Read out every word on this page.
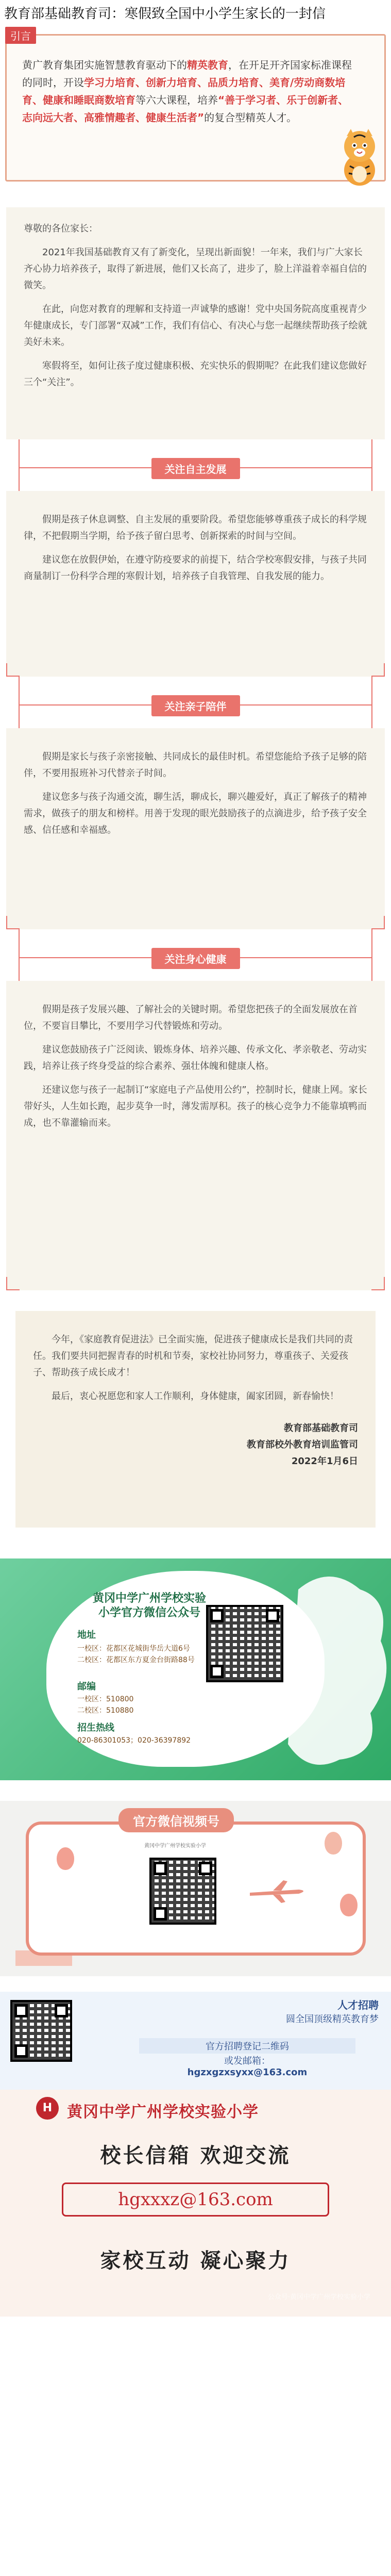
教育部基础教育司：寒假致全国中小学生家长的一封信
引言
黄广教育集团实施智慧教育驱动下的精英教育，在开足开齐国家标准课程的同时，开设学习力培育、创新力培育、品质力培育、美育/劳动商数培育、健康和睡眠商数培育等六大课程，培养“善于学习者、乐于创新者、志向远大者、高雅情趣者、健康生活者”的复合型精英人才。

尊敬的各位家长：

2021年我国基础教育又有了新变化，呈现出新面貌！一年来，我们与广大家长齐心协力培养孩子，取得了新进展，他们又长高了，进步了，脸上洋溢着幸福自信的微笑。

在此，向您对教育的理解和支持道一声诚挚的感谢！党中央国务院高度重视青少年健康成长，专门部署“双减”工作，我们有信心、有决心与您一起继续帮助孩子绘就美好未来。

寒假将至，如何让孩子度过健康积极、充实快乐的假期呢？在此我们建议您做好三个“关注”。

关注自主发展

假期是孩子休息调整、自主发展的重要阶段。希望您能够尊重孩子成长的科学规律，不把假期当学期，给予孩子留白思考、创新探索的时间与空间。

建议您在放假伊始，在遵守防疫要求的前提下，结合学校寒假安排，与孩子共同商量制订一份科学合理的寒假计划，培养孩子自我管理、自我发展的能力。

关注亲子陪伴

假期是家长与孩子亲密接触、共同成长的最佳时机。希望您能给予孩子足够的陪伴，不要用报班补习代替亲子时间。

建议您多与孩子沟通交流，聊生活，聊成长，聊兴趣爱好，真正了解孩子的精神需求，做孩子的朋友和榜样。用善于发现的眼光鼓励孩子的点滴进步，给予孩子安全感、信任感和幸福感。

关注身心健康

假期是孩子发展兴趣、了解社会的关键时期。希望您把孩子的全面发展放在首位，不要盲目攀比，不要用学习代替锻炼和劳动。

建议您鼓励孩子广泛阅读、锻炼身体、培养兴趣、传承文化、孝亲敬老、劳动实践，培养让孩子终身受益的综合素养、强壮体魄和健康人格。

还建议您与孩子一起制订“家庭电子产品使用公约”，控制时长，健康上网。家长带好头，人生如长跑，起步莫争一时，薄发需厚积。孩子的核心竞争力不能靠填鸭而成，也不靠灌输而来。

今年，《家庭教育促进法》已全面实施，促进孩子健康成长是我们共同的责任。我们要共同把握青春的时机和节奏，家校社协同努力，尊重孩子、关爱孩子、帮助孩子成长成才！

最后，衷心祝愿您和家人工作顺利，身体健康，阖家团圆，新春愉快！

教育部基础教育司
教育部校外教育培训监管司
2022年1月6日
黄冈中学广州学校实验小学官方微信公众号
地址
一校区：花都区花城街华岳大道6号
二校区：花都区东方夏金台街路88号
邮编
一校区：510800
二校区：510880
招生热线
020-86301053；020-36397892
官方微信视频号
黄冈中学广州学校实验小学
人才招聘
圆全国顶级精英教育梦
官方招聘登记二维码
或发邮箱：
hgzxgzxsyxx@163.com
H 黄冈中学广州学校实验小学
校长信箱 欢迎交流
hgxxxz@163.com
家校互动 凝心聚力
公众号·黄冈中学广州学校实验小学
